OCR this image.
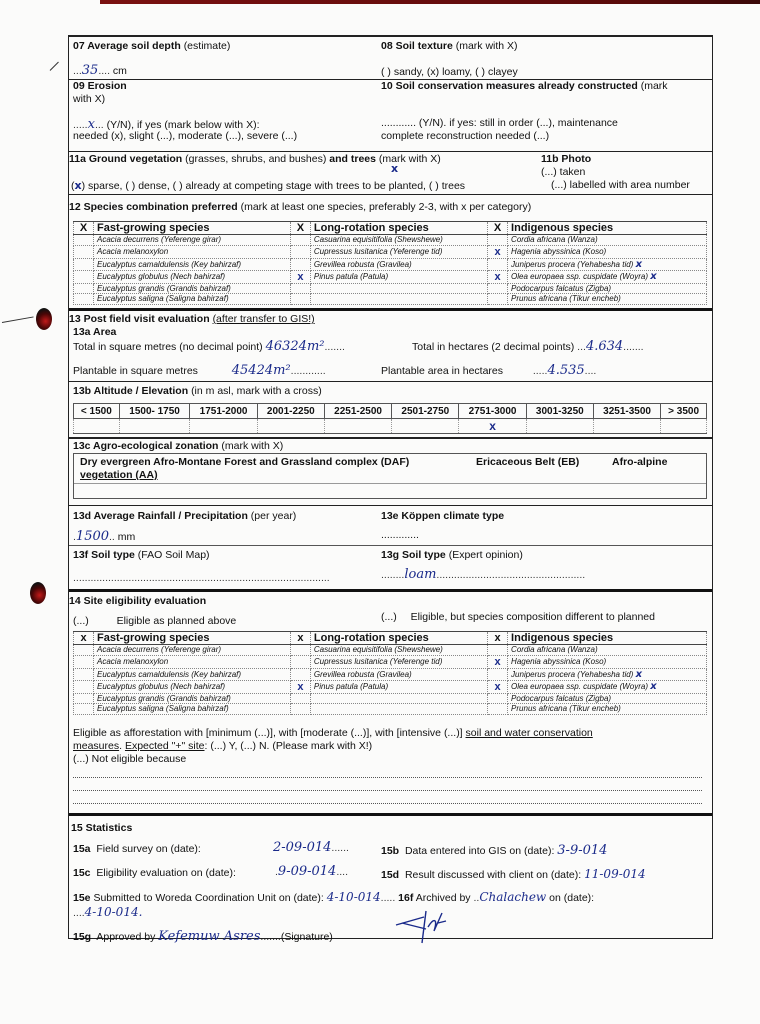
07 Average soil depth (estimate)
...35.... cm
08 Soil texture (mark with X)
( ) sandy, (x) loamy, ( ) clayey
09 Erosion
with X)
.....x... (Y/N), if yes (mark below with X):
needed (x), slight (...), moderate (...), severe (...)
10 Soil conservation measures already constructed (mark
............ (Y/N). if yes: still in order (...), maintenance
complete reconstruction needed (...)
11a Ground vegetation (grasses, shrubs, and bushes) and trees (mark with X)
x
(x) sparse, ( ) dense, ( ) already at competing stage with trees to be planted, ( ) trees
11b Photo
(...) taken
(...) labelled with area number
12 Species combination preferred (mark at least one species, preferably 2-3, with x per category)
X	Fast-growing species	X	Long-rotation species	X	Indigenous species
	Acacia decurrens (Yeferenge girar)		Casuarina equisitifolia (Shewshewe)		Cordia africana (Wanza)
	Acacia melanoxylon		Cupressus lusitanica (Yeferenge tid)	x	Hagenia abyssinica (Koso)
	Eucalyptus camaldulensis (Key bahirzaf)		Grevillea robusta (Gravilea)		Juniperus procera (Yehabesha tid) x
	Eucalyptus globulus (Nech bahirzaf)	x	Pinus patula (Patula)	x	Olea europaea ssp. cuspidate (Woyra) x
	Eucalyptus grandis (Grandis bahirzaf)				Podocarpus falcatus (Zigba)
	Eucalyptus saligna (Saligna bahirzaf)				Prunus africana (Tikur encheb)
13 Post field visit evaluation (after transfer to GIS!)
13a Area
Total in square metres (no decimal point) 46324m².......	Total in hectares (2 decimal points) ...4.634.......
Plantable in square metres	45424m²............	Plantable area in hectares	.....4.535....
13b Altitude / Elevation (in m asl, mark with a cross)
< 1500	1500- 1750	1751-2000	2001-2250	2251-2500	2501-2750	2751-3000	3001-3250	3251-3500	> 3500
						x			
13c Agro-ecological zonation (mark with X)
Dry evergreen Afro-Montane Forest and Grassland complex (DAF)	Ericaceous Belt (EB)	Afro-alpine
vegetation (AA)
13d Average Rainfall / Precipitation (per year)
.1500.. mm
13e Köppen climate type
.............
13f Soil type (FAO Soil Map)
........................................................................................
13g Soil type (Expert opinion)
........loam...................................................
14 Site eligibility evaluation
(...)	Eligible as planned above	(...) Eligible, but species composition different to planned
x	Fast-growing species	x	Long-rotation species	x	Indigenous species
	Acacia decurrens (Yeferenge girar)		Casuarina equisitifolia (Shewshewe)		Cordia africana (Wanza)
	Acacia melanoxylon		Cupressus lusitanica (Yeferenge tid)	x	Hagenia abyssinica (Koso)
	Eucalyptus camaldulensis (Key bahirzaf)		Grevillea robusta (Gravilea)		Juniperus procera (Yehabesha tid) x
	Eucalyptus globulus (Nech bahirzaf)	x	Pinus patula (Patula)	x	Olea europaea ssp. cuspidate (Woyra) x
	Eucalyptus grandis (Grandis bahirzaf)				Podocarpus falcatus (Zigba)
	Eucalyptus saligna (Saligna bahirzaf)				Prunus africana (Tikur encheb)
Eligible as afforestation with [minimum (...)], with [moderate (...)], with [intensive (...)] soil and water conservation
measures. Expected "+" site: (...) Y, (...) N. (Please mark with X!)
(...) Not eligible because
15 Statistics
15a Field survey on (date):	2-09-014......	15b Data entered into GIS on (date): 3-9-014
15c Eligibility evaluation on (date):	.9-09-014....	15d Result discussed with client on (date): 11-09-014
15e Submitted to Woreda Coordination Unit on (date): 4-10-014..... 16f Archived by ..Chalachew on (date):
....4-10-014.
15g Approved by Kefemuw Asres.......(Signature)
